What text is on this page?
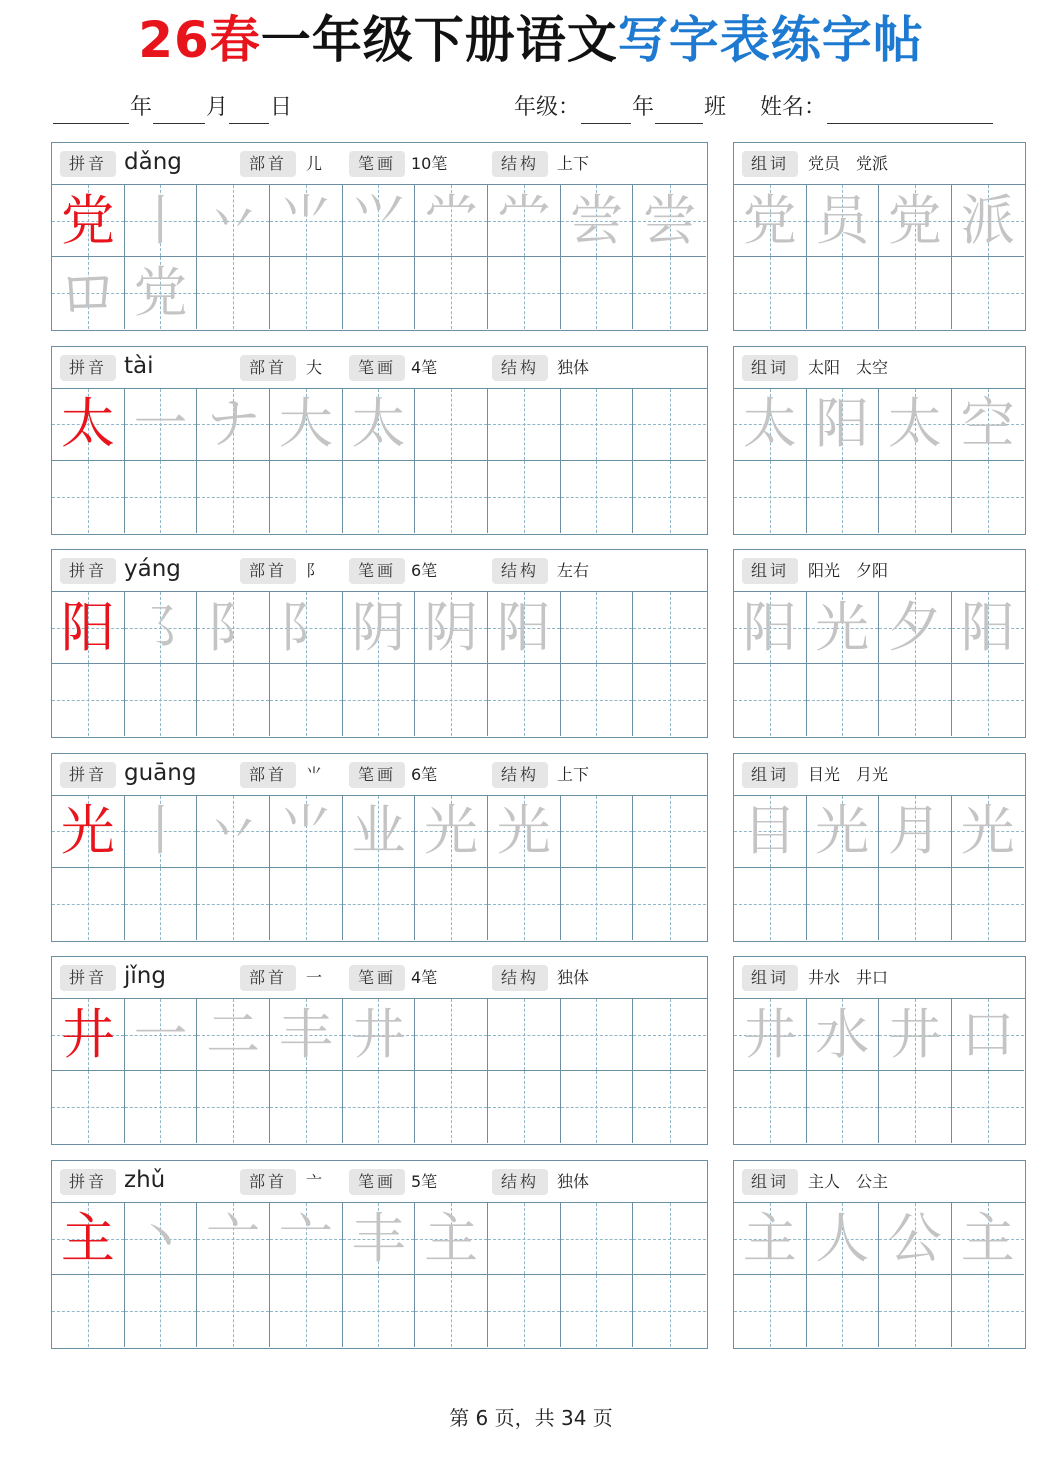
26春一年级下册语文写字表练字帖
年 月 日	年级： 年 班 姓名：
拼音 dǎng	部首	儿	笔画 10笔	结构	上下
党 丨 丷 ⺌ ⺍ 龸 龸 尝 尝
𫩏 党
组词	党员　党派
党 员 党 派
拼音 tài	部首	大	笔画 4笔	结构	独体
太 一 ナ 大 太
组词	太阳　太空
太 阳 太 空
拼音 yáng	部首	阝	笔画 6笔	结构	左右
阳 ㇌ 阝 阝 阴 阴 阳
组词	阳光　夕阳
阳 光 夕 阳
拼音 guāng	部首	⺌	笔画 6笔	结构	上下
光 丨 丷 ⺌ 业 光 光
组词	目光　月光
目 光 月 光
拼音 jǐng	部首	一	笔画 4笔	结构	独体
井 一 二 丰 井
组词	井水　井口
井 水 井 口
拼音 zhǔ	部首	亠	笔画 5笔	结构	独体
主 丶 亠 亠 丰 主
组词	主人　公主
主 人 公 主
第 6 页，共 34 页
